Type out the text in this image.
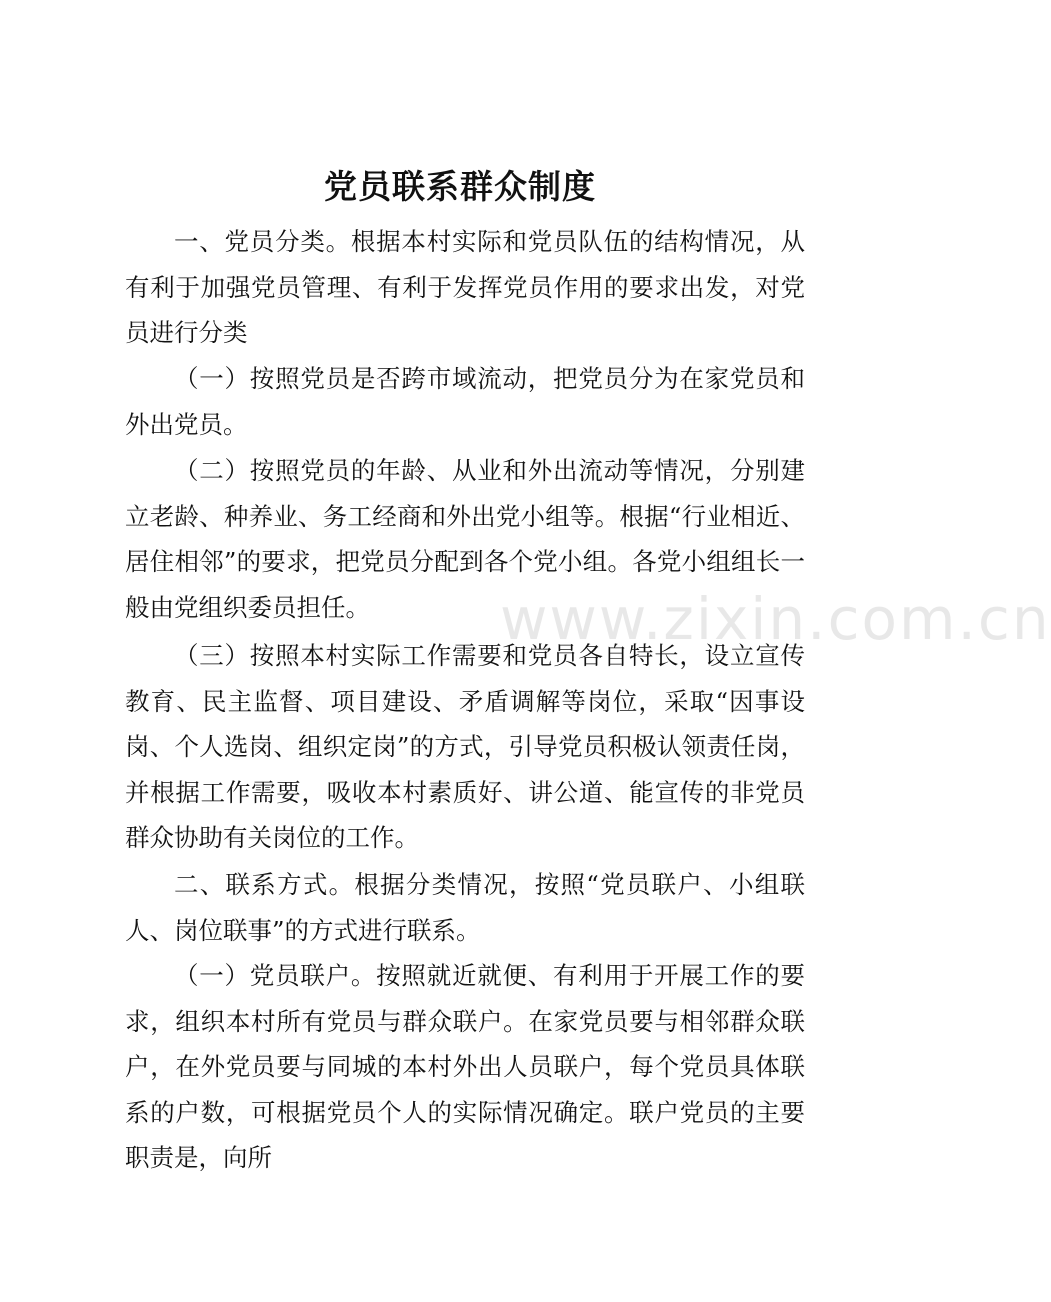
党员联系群众制度

一、党员分类。根据本村实际和党员队伍的结构情况，从有利于加强党员管理、有利于发挥党员作用的要求出发，对党员进行分类

（一）按照党员是否跨市域流动，把党员分为在家党员和外出党员。

（二）按照党员的年龄、从业和外出流动等情况，分别建立老龄、种养业、务工经商和外出党小组等。根据“行业相近、居住相邻”的要求，把党员分配到各个党小组。各党小组组长一般由党组织委员担任。

（三）按照本村实际工作需要和党员各自特长，设立宣传教育、民主监督、项目建设、矛盾调解等岗位，采取“因事设岗、个人选岗、组织定岗”的方式，引导党员积极认领责任岗，并根据工作需要，吸收本村素质好、讲公道、能宣传的非党员群众协助有关岗位的工作。

二、联系方式。根据分类情况，按照“党员联户、小组联人、岗位联事”的方式进行联系。

（一）党员联户。按照就近就便、有利用于开展工作的要求，组织本村所有党员与群众联户。在家党员要与相邻群众联户，在外党员要与同城的本村外出人员联户，每个党员具体联系的户数，可根据党员个人的实际情况确定。联户党员的主要职责是，向所

www.zixin.com.cn
